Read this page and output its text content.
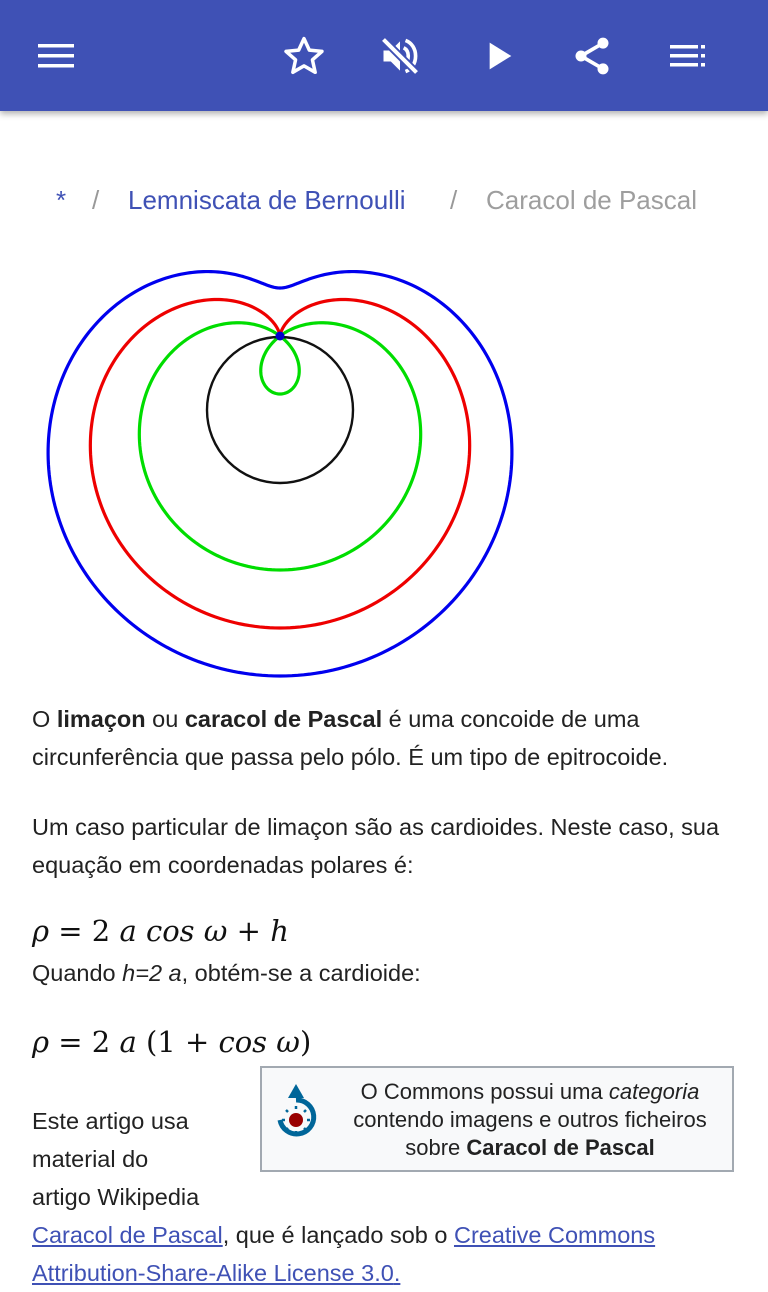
* / Lemniscata de Bernoulli / Caracol de Pascal
O limaçon ou caracol de Pascal é uma concoide de uma circunferência que passa pelo pólo. É um tipo de epitrocoide.
Um caso particular de limaçon são as cardioides. Neste caso, sua equação em coordenadas polares é:
ρ = 2 a cos ω + h
Quando h=2 a, obtém-se a cardioide:
ρ = 2 a (1 + cos ω)
O Commons possui uma categoria contendo imagens e outros ficheiros sobre Caracol de Pascal
Este artigo usa
material do
artigo Wikipedia
Caracol de Pascal, que é lançado sob o Creative Commons
Attribution-Share-Alike License 3.0.
